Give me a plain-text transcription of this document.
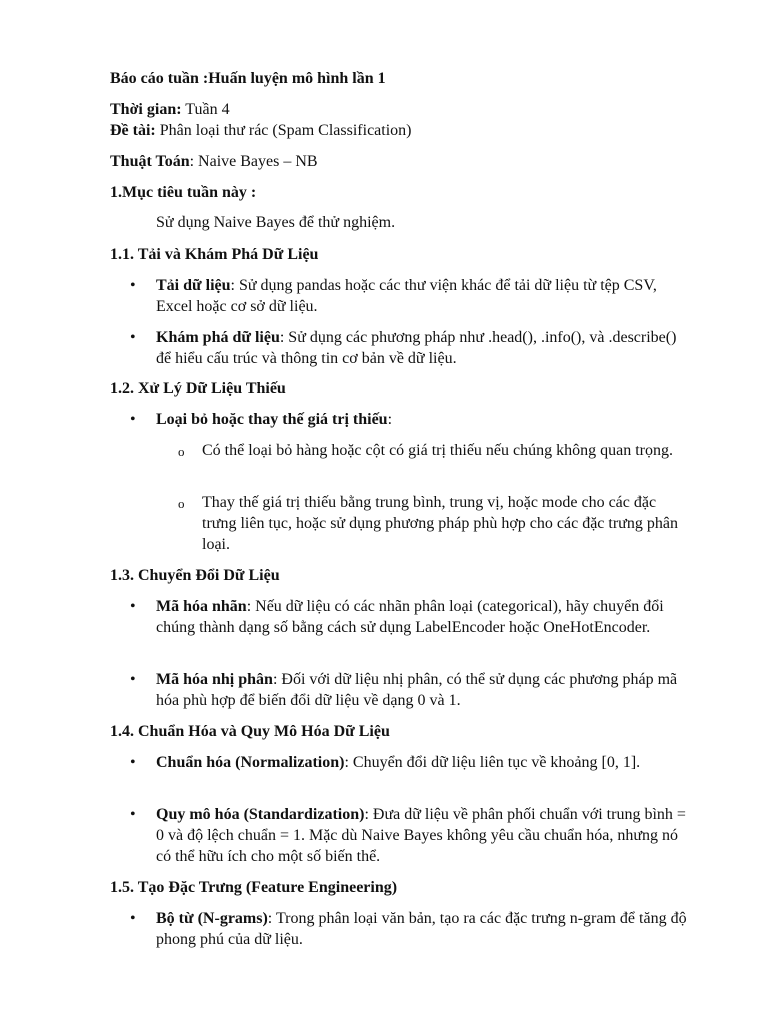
Báo cáo tuần :Huấn luyện mô hình lần 1
Thời gian: Tuần 4
Đề tài: Phân loại thư rác (Spam Classification)
Thuật Toán: Naive Bayes – NB
1.Mục tiêu tuần này :
Sử dụng Naive Bayes để thử nghiệm.
1.1. Tải và Khám Phá Dữ Liệu
• Tải dữ liệu: Sử dụng pandas hoặc các thư viện khác để tải dữ liệu từ tệp CSV, Excel hoặc cơ sở dữ liệu.
• Khám phá dữ liệu: Sử dụng các phương pháp như .head(), .info(), và .describe() để hiểu cấu trúc và thông tin cơ bản về dữ liệu.
1.2. Xử Lý Dữ Liệu Thiếu
• Loại bỏ hoặc thay thế giá trị thiếu:
o Có thể loại bỏ hàng hoặc cột có giá trị thiếu nếu chúng không quan trọng.
o Thay thế giá trị thiếu bằng trung bình, trung vị, hoặc mode cho các đặc trưng liên tục, hoặc sử dụng phương pháp phù hợp cho các đặc trưng phân loại.
1.3. Chuyển Đổi Dữ Liệu
• Mã hóa nhãn: Nếu dữ liệu có các nhãn phân loại (categorical), hãy chuyển đổi chúng thành dạng số bằng cách sử dụng LabelEncoder hoặc OneHotEncoder.
• Mã hóa nhị phân: Đối với dữ liệu nhị phân, có thể sử dụng các phương pháp mã hóa phù hợp để biến đổi dữ liệu về dạng 0 và 1.
1.4. Chuẩn Hóa và Quy Mô Hóa Dữ Liệu
• Chuẩn hóa (Normalization): Chuyển đổi dữ liệu liên tục về khoảng [0, 1].
• Quy mô hóa (Standardization): Đưa dữ liệu về phân phối chuẩn với trung bình = 0 và độ lệch chuẩn = 1. Mặc dù Naive Bayes không yêu cầu chuẩn hóa, nhưng nó có thể hữu ích cho một số biến thể.
1.5. Tạo Đặc Trưng (Feature Engineering)
• Bộ từ (N-grams): Trong phân loại văn bản, tạo ra các đặc trưng n-gram để tăng độ phong phú của dữ liệu.
